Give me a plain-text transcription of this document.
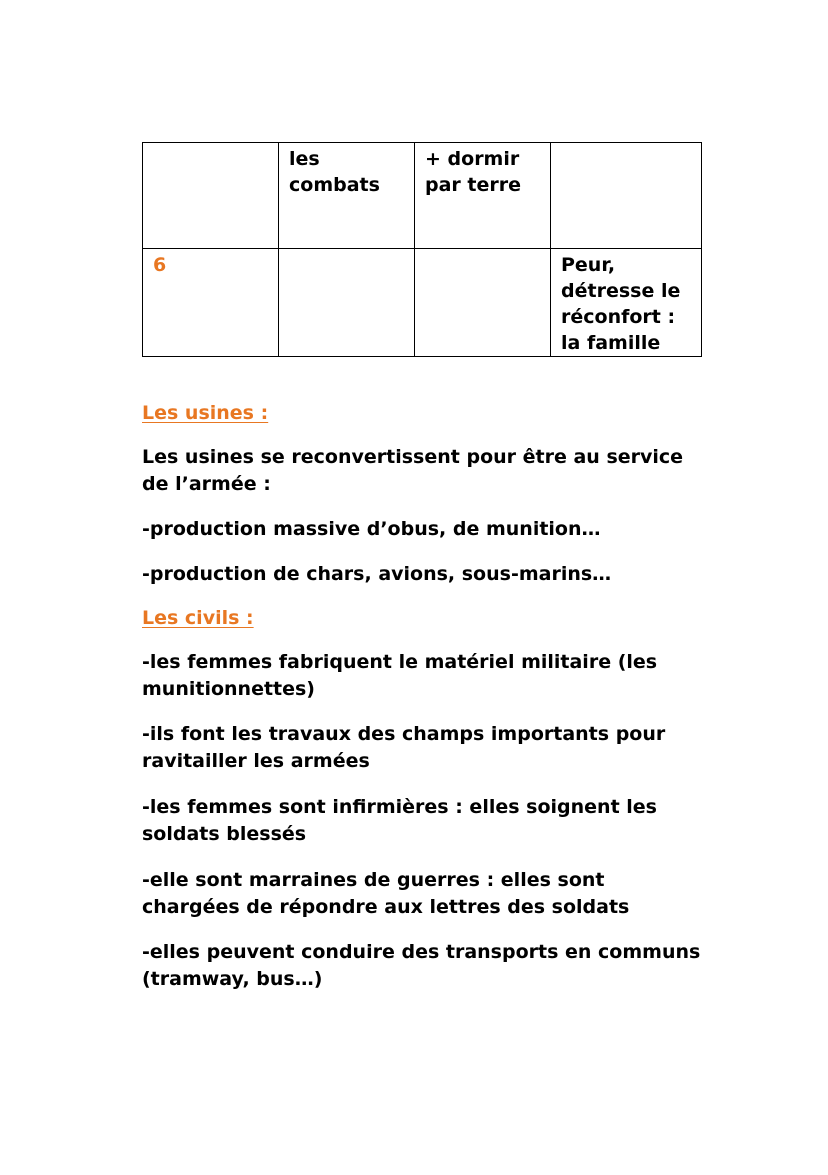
	les combats	+ dormir par terre	
6			Peur, détresse le réconfort : la famille

Les usines :

Les usines se reconvertissent pour être au service de l’armée :

-production massive d’obus, de munition…

-production de chars, avions, sous-marins…

Les civils :

-les femmes fabriquent le matériel militaire (les munitionnettes)

-ils font les travaux des champs importants pour ravitailler les armées

-les femmes sont infirmières : elles soignent les soldats blessés

-elle sont marraines de guerres : elles sont chargées de répondre aux lettres des soldats

-elles peuvent conduire des transports en communs (tramway, bus…)
